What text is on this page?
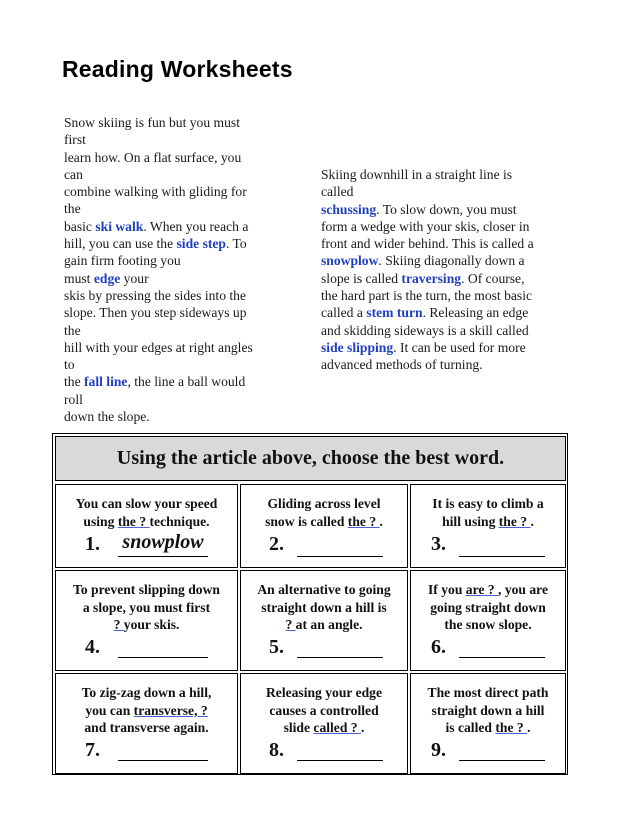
Reading Worksheets
Snow skiing is fun but you must
first
learn how. On a flat surface, you
can
combine walking with gliding for
the
basic ski walk. When you reach a
hill, you can use the side step. To
gain firm footing you
must edge your
skis by pressing the sides into the
slope. Then you step sideways up
the
hill with your edges at right angles
to
the fall line, the line a ball would
roll
down the slope.
Skiing downhill in a straight line is
called
schussing. To slow down, you must
form a wedge with your skis, closer in
front and wider behind. This is called a
snowplow. Skiing diagonally down a
slope is called traversing. Of course,
the hard part is the turn, the most basic
called a stem turn. Releasing an edge
and skidding sideways is a skill called
side slipping. It can be used for more
advanced methods of turning.
Using the article above, choose the best word.
You can slow your speed
using the ? technique.
1. snowplow
Gliding across level
snow is called the ? .
2.
It is easy to climb a
hill using the ? .
3.
To prevent slipping down
a slope, you must first
? your skis.
4.
An alternative to going
straight down a hill is
? at an angle.
5.
If you are ? , you are
going straight down
the snow slope.
6.
To zig-zag down a hill,
you can transverse, ?
and transverse again.
7.
Releasing your edge
causes a controlled
slide called ? .
8.
The most direct path
straight down a hill
is called the ? .
9.
